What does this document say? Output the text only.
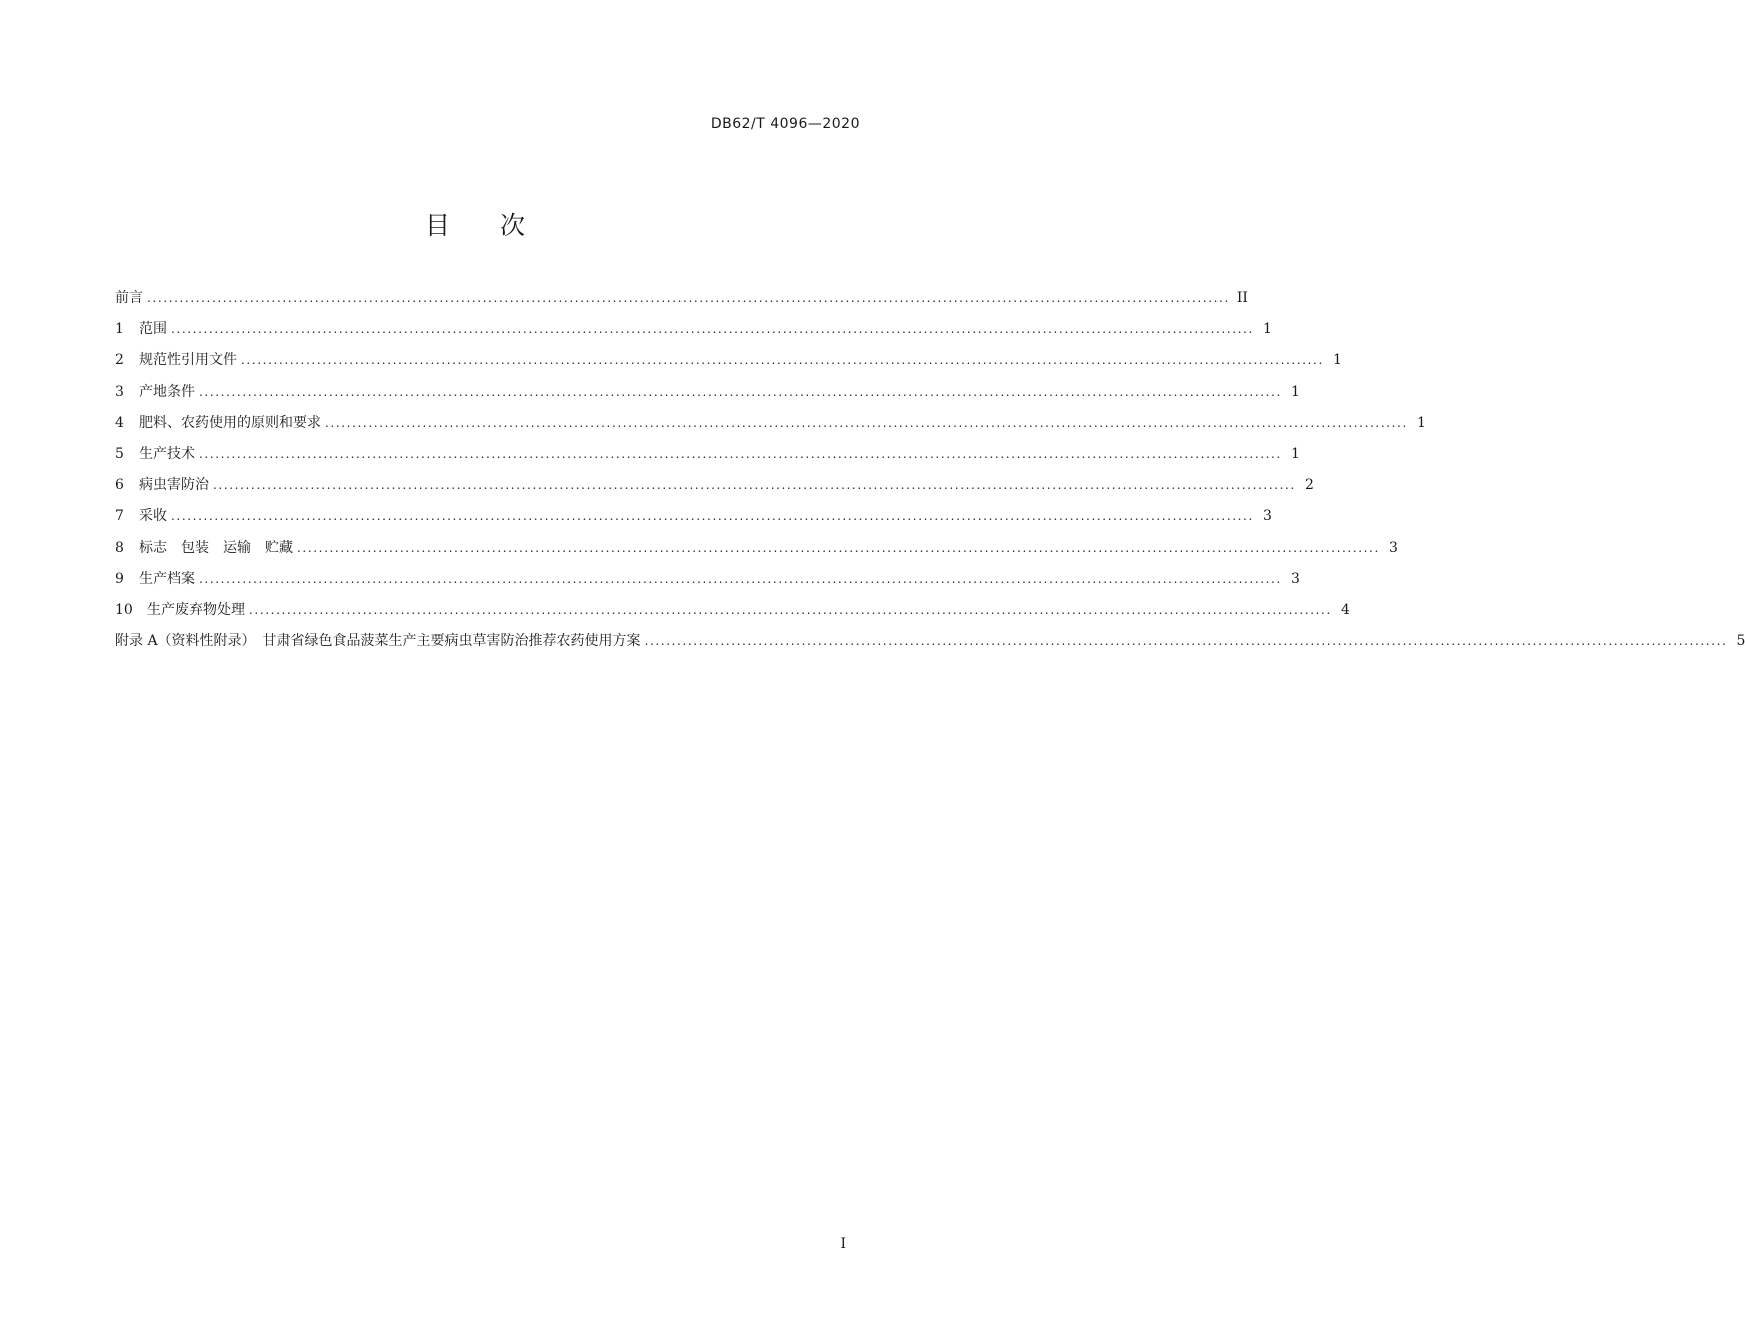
DB62/T 4096—2020
目　　次
前言 ........................................................................................................................................................................................................ II
1	范围 ........................................................................................................................................................................................................ 1
2	规范性引用文件 ........................................................................................................................................................................................................ 1
3	产地条件 ........................................................................................................................................................................................................ 1
4	肥料、农药使用的原则和要求 ........................................................................................................................................................................................................ 1
5	生产技术 ........................................................................................................................................................................................................ 1
6	病虫害防治 ........................................................................................................................................................................................................ 2
7	采收 ........................................................................................................................................................................................................ 3
8	标志　包装　运输　贮藏 ........................................................................................................................................................................................................ 3
9	生产档案 ........................................................................................................................................................................................................ 3
10	生产废弃物处理 ........................................................................................................................................................................................................ 4
附录 A（资料性附录）　甘肃省绿色食品菠菜生产主要病虫草害防治推荐农药使用方案 ........................................................................................................................................................................................................ 5
I
